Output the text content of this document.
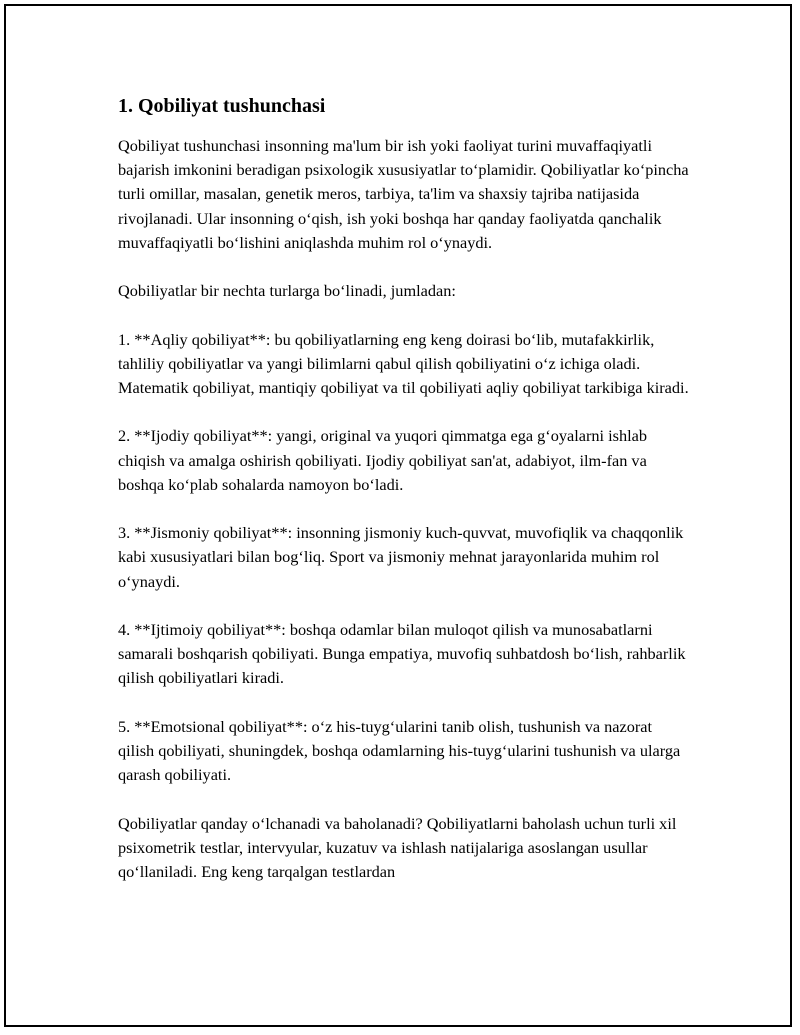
1. Qobiliyat tushunchasi

Qobiliyat tushunchasi insonning ma'lum bir ish yoki faoliyat turini muvaffaqiyatli bajarish imkonini beradigan psixologik xususiyatlar to‘plamidir. Qobiliyatlar ko‘pincha turli omillar, masalan, genetik meros, tarbiya, ta'lim va shaxsiy tajriba natijasida rivojlanadi. Ular insonning o‘qish, ish yoki boshqa har qanday faoliyatda qanchalik muvaffaqiyatli bo‘lishini aniqlashda muhim rol o‘ynaydi.

Qobiliyatlar bir nechta turlarga bo‘linadi, jumladan:

1. **Aqliy qobiliyat**: bu qobiliyatlarning eng keng doirasi bo‘lib, mutafakkirlik, tahliliy qobiliyatlar va yangi bilimlarni qabul qilish qobiliyatini o‘z ichiga oladi. Matematik qobiliyat, mantiqiy qobiliyat va til qobiliyati aqliy qobiliyat tarkibiga kiradi.

2. **Ijodiy qobiliyat**: yangi, original va yuqori qimmatga ega g‘oyalarni ishlab chiqish va amalga oshirish qobiliyati. Ijodiy qobiliyat san'at, adabiyot, ilm-fan va boshqa ko‘plab sohalarda namoyon bo‘ladi.

3. **Jismoniy qobiliyat**: insonning jismoniy kuch-quvvat, muvofiqlik va chaqqonlik kabi xususiyatlari bilan bog‘liq. Sport va jismoniy mehnat jarayonlarida muhim rol o‘ynaydi.

4. **Ijtimoiy qobiliyat**: boshqa odamlar bilan muloqot qilish va munosabatlarni samarali boshqarish qobiliyati. Bunga empatiya, muvofiq suhbatdosh bo‘lish, rahbarlik qilish qobiliyatlari kiradi.

5. **Emotsional qobiliyat**: o‘z his-tuyg‘ularini tanib olish, tushunish va nazorat qilish qobiliyati, shuningdek, boshqa odamlarning his-tuyg‘ularini tushunish va ularga qarash qobiliyati.

Qobiliyatlar qanday o‘lchanadi va baholanadi? Qobiliyatlarni baholash uchun turli xil psixometrik testlar, intervyular, kuzatuv va ishlash natijalariga asoslangan usullar qo‘llaniladi. Eng keng tarqalgan testlardan
